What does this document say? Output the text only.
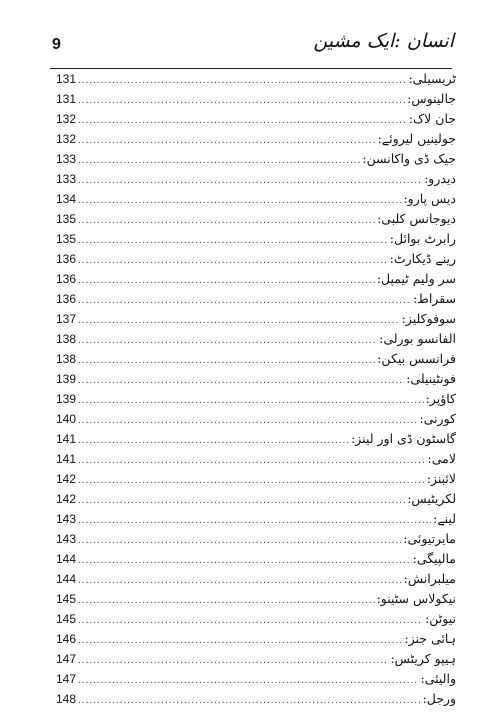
9	انسان :ایک مشین
131 .....	ٹریسیلی:
131 .....	جالینوس:
132 .....	جان لاک:
132 .....	جولینیں لیروئے:
133 .....	جیک ڈی واکانسن:
133 .....	دیدرو:
134 .....	دیس پارو:
135 .....	دیوجانس کلبی:
135 .....	رابرٹ بوائل:
136 .....	رینے ڈیکارٹ:
136 .....	سر ولیم ٹیمپل:
136 .....	سقراط:
137 .....	سوفوکلیز:
138 .....	الفانسو بورلی:
138 .....	فرانسس بیکن:
139 .....	فونٹینیلی:
139 .....	کاؤپر:
140 .....	کورنی:
141 .....	گاسٹون ڈی اور لینز:
141 .....	لامی:
142 .....	لائبنز:
142 .....	لکریٹیس:
143 .....	لینے:
143 .....	مایرتیوئی:
144 .....	مالپیگی:
144 .....	میلبرانش:
145 .....	نیکولاس سٹینو:
145 .....	نیوٹن:
146 .....	ہائی جنز:
147 .....	ہیپو کریٹس:
147 .....	والیئی:
148 .....	ورجل:
